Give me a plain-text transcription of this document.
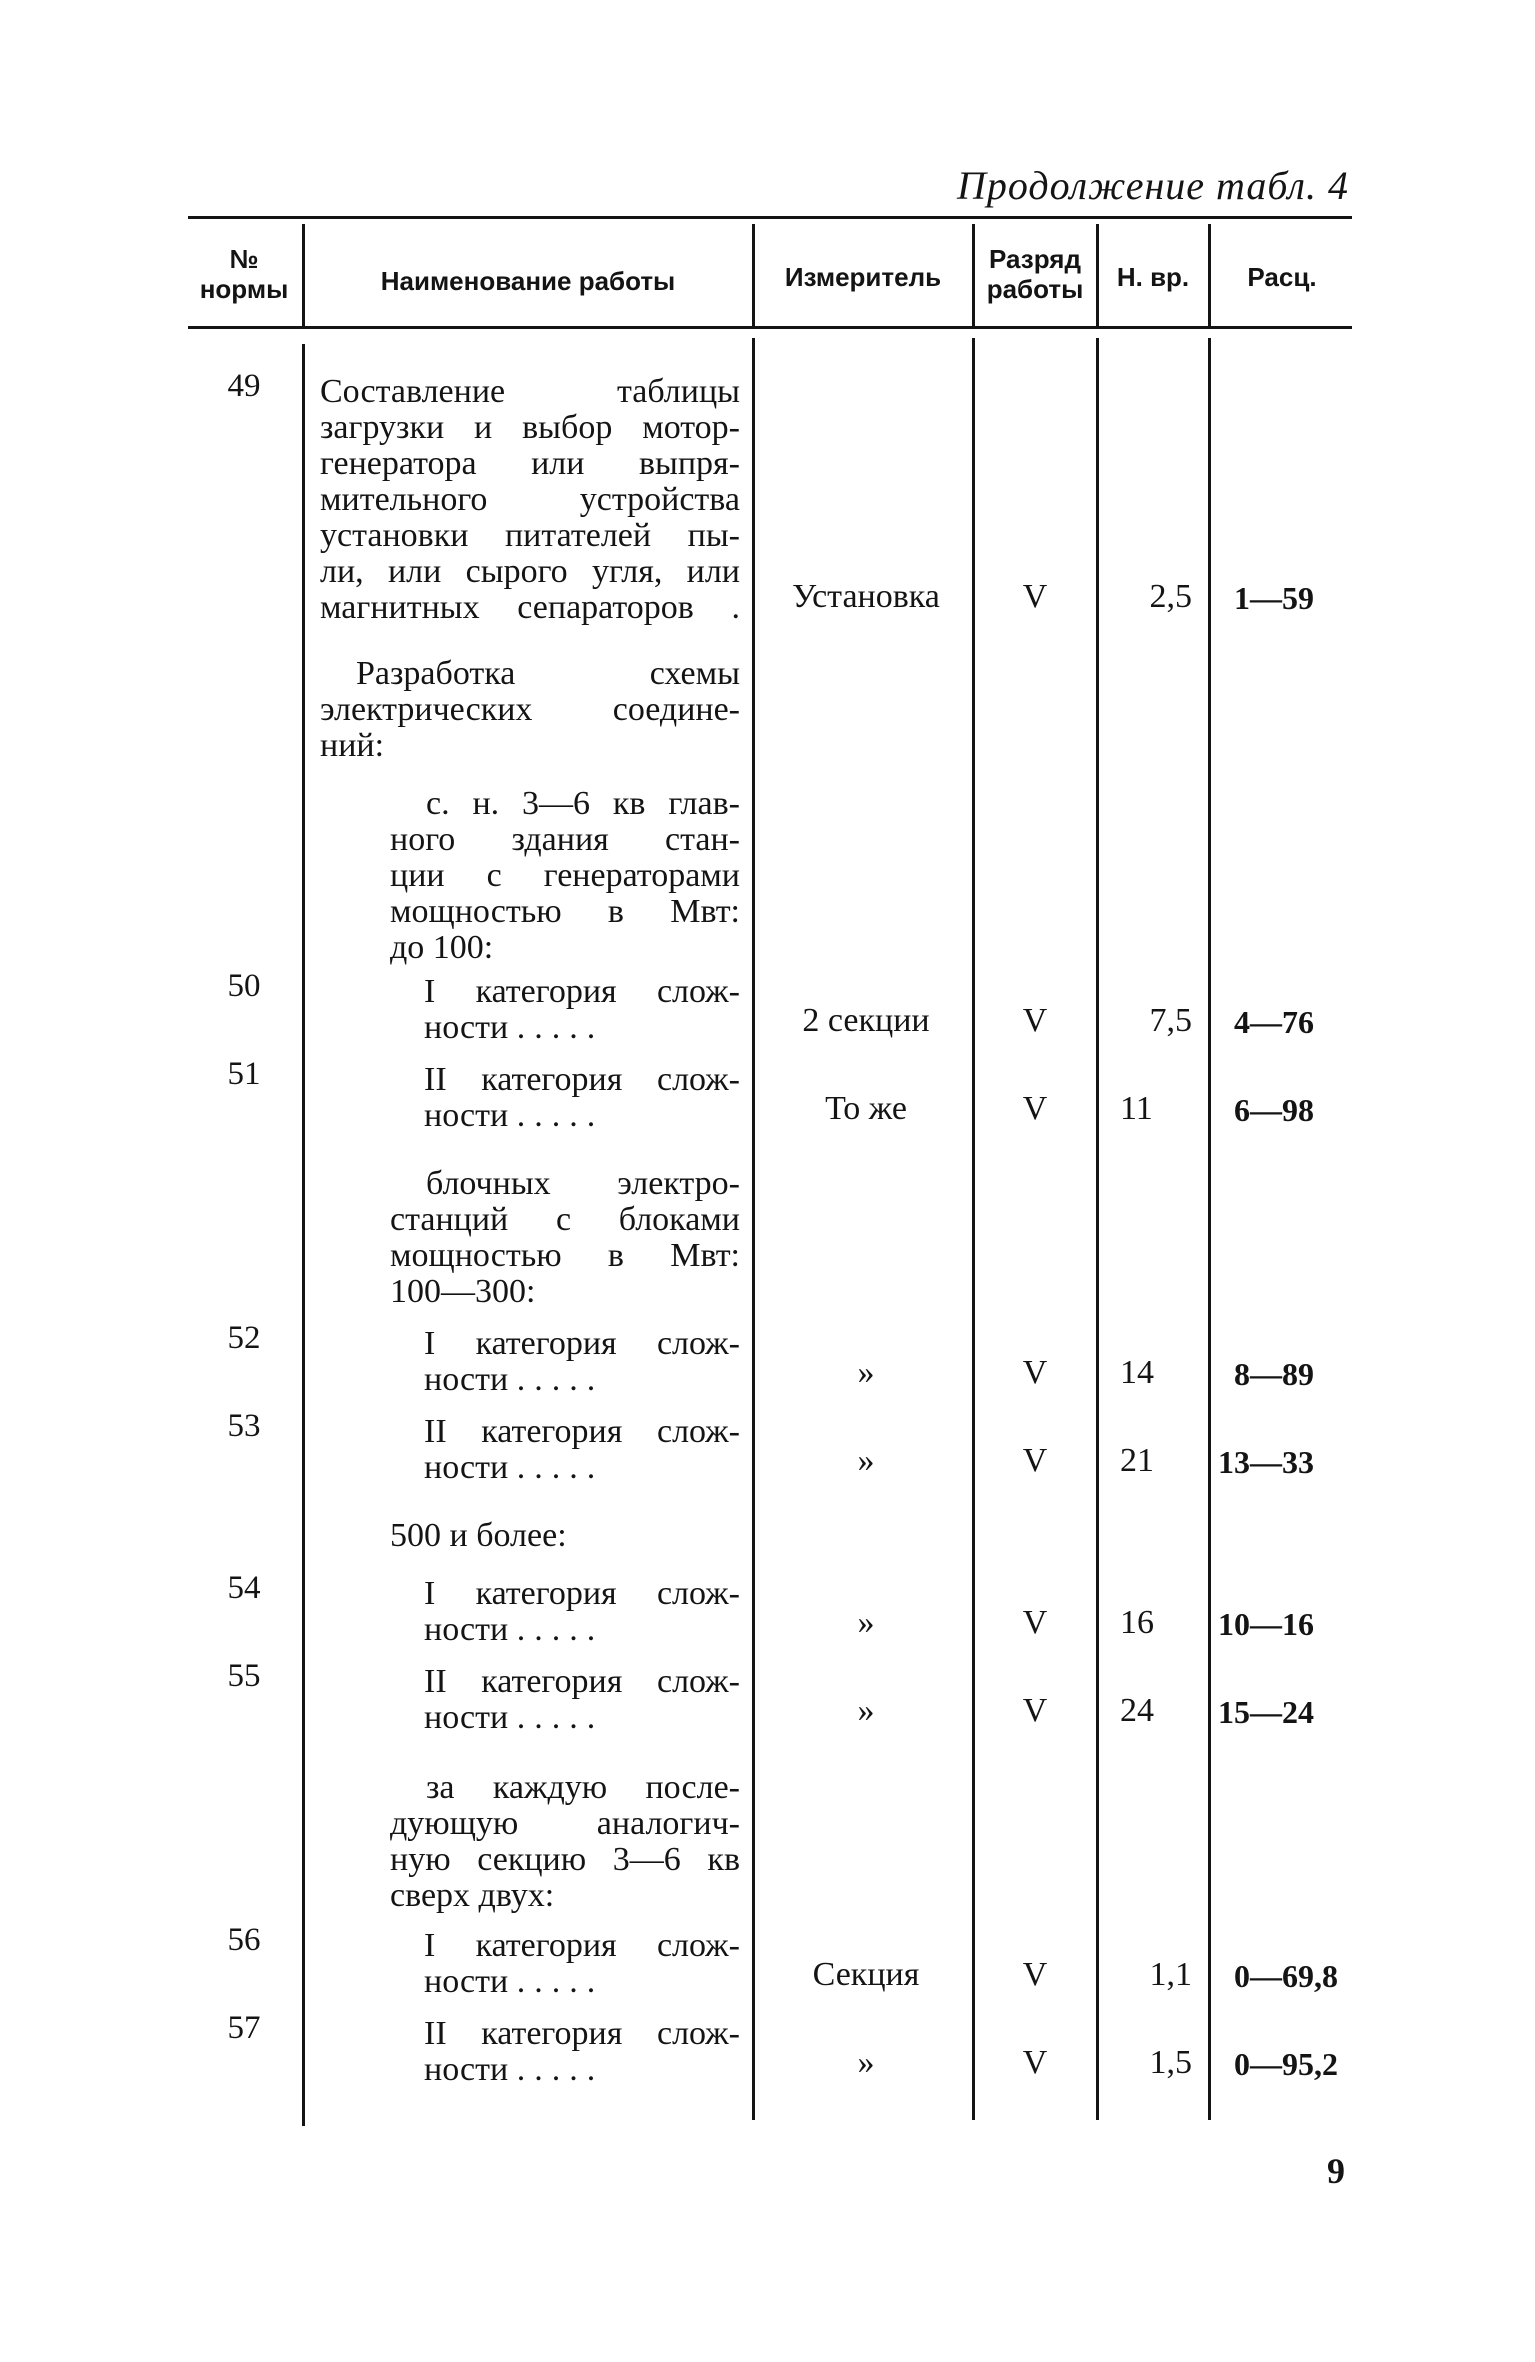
Продолжение табл. 4
№
нормы	Наименование работы	Измеритель
Разряд
работы	Н. вр.	Расц.
49	Составление таблицы
загрузки и выбор мотор-
генератора или выпря-
мительного устройства
установки питателей пы-
ли, или сырого угля, или
магнитных сепараторов .	Установка	V	2,5 1—59
Разработка схемы
электрических соедине-
ний:
с. н. 3—6 кв глав-
ного здания стан-
ции с генераторами
мощностью в Мвт:
до 100:
50	I категория слож-
ности .....	2 секции	V	7,5 4—76
51	II категория слож-
ности .....	То же	V	11	6—98
блочных электро-
станций с блоками
мощностью в Мвт:
100—300:
52	I категория слож-
ности .....	»	V	14	8—89
53	II категория слож-
ности .....	»	V	21	13—33
500 и более:
54	I категория слож-
ности .....	»	V	16	10—16
55	II категория слож-
ности .....	»	V	24	15—24
за каждую после-
дующую аналогич-
ную секцию 3—6 кв
сверх двух:
56	I категория слож-
ности .....	Секция	V	1,1 0—69,8
57	II категория слож-
ности .....	»	V	1,5 0—95,2
9
